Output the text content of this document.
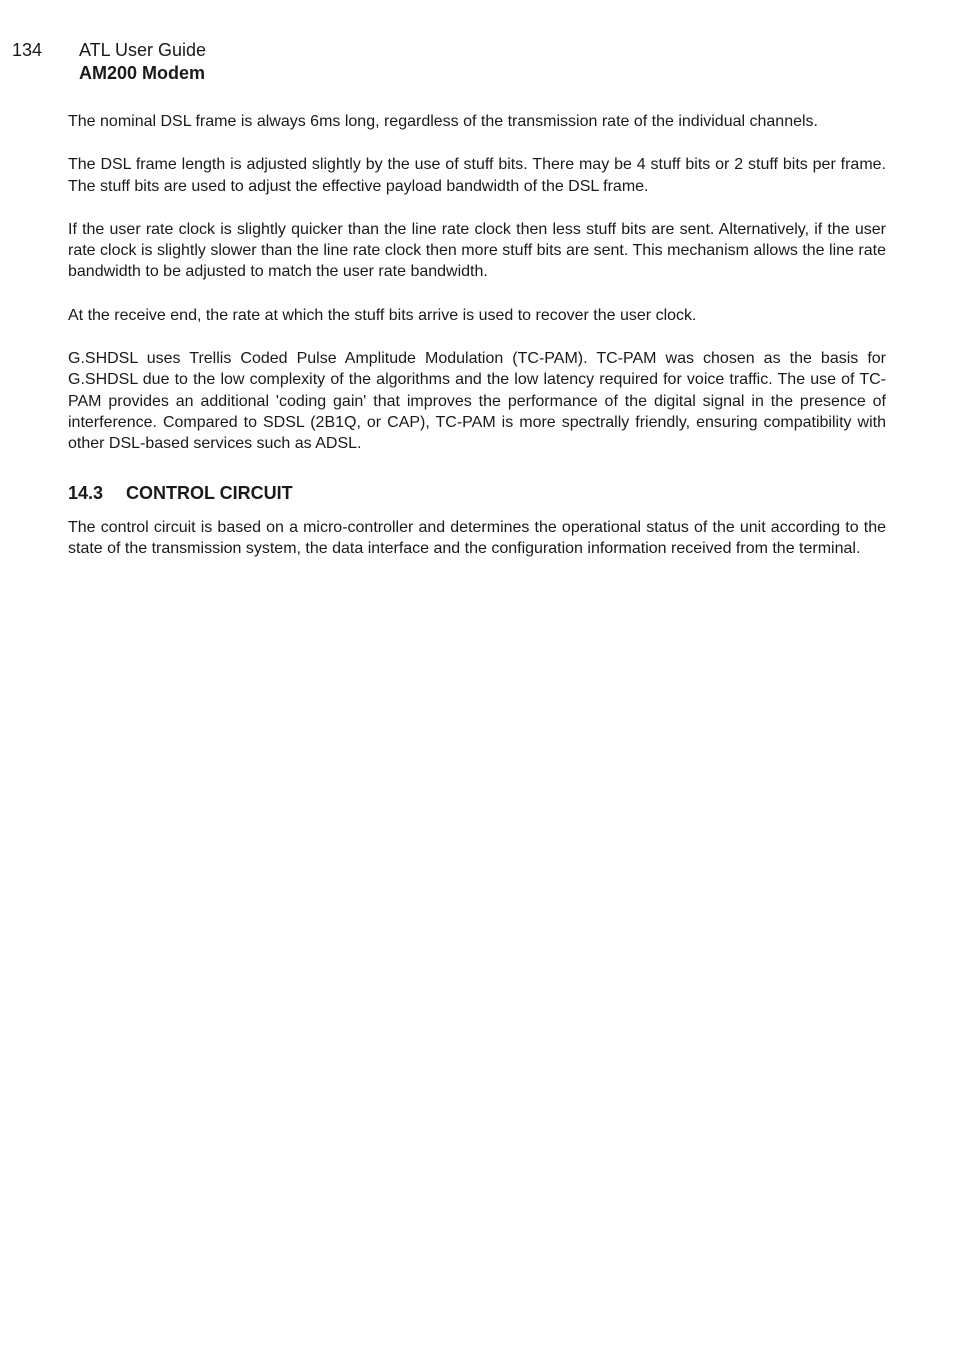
134	ATL User Guide
AM200 Modem

The nominal DSL frame is always 6ms long, regardless of the transmission rate of the individual channels.

The DSL frame length is adjusted slightly by the use of stuff bits. There may be 4 stuff bits or 2 stuff bits per frame. The stuff bits are used to adjust the effective payload bandwidth of the DSL frame.

If the user rate clock is slightly quicker than the line rate clock then less stuff bits are sent. Alternatively, if the user rate clock is slightly slower than the line rate clock then more stuff bits are sent. This mechanism allows the line rate bandwidth to be adjusted to match the user rate bandwidth.

At the receive end, the rate at which the stuff bits arrive is used to recover the user clock.

G.SHDSL uses Trellis Coded Pulse Amplitude Modulation (TC-PAM). TC-PAM was chosen as the basis for G.SHDSL due to the low complexity of the algorithms and the low latency required for voice traffic. The use of TC-PAM provides an additional 'coding gain' that improves the performance of the digital signal in the presence of interference. Compared to SDSL (2B1Q, or CAP), TC-PAM is more spectrally friendly, ensuring compatibility with other DSL-based services such as ADSL.

14.3 CONTROL CIRCUIT

The control circuit is based on a micro-controller and determines the operational status of the unit according to the state of the transmission system, the data interface and the configuration information received from the terminal.
